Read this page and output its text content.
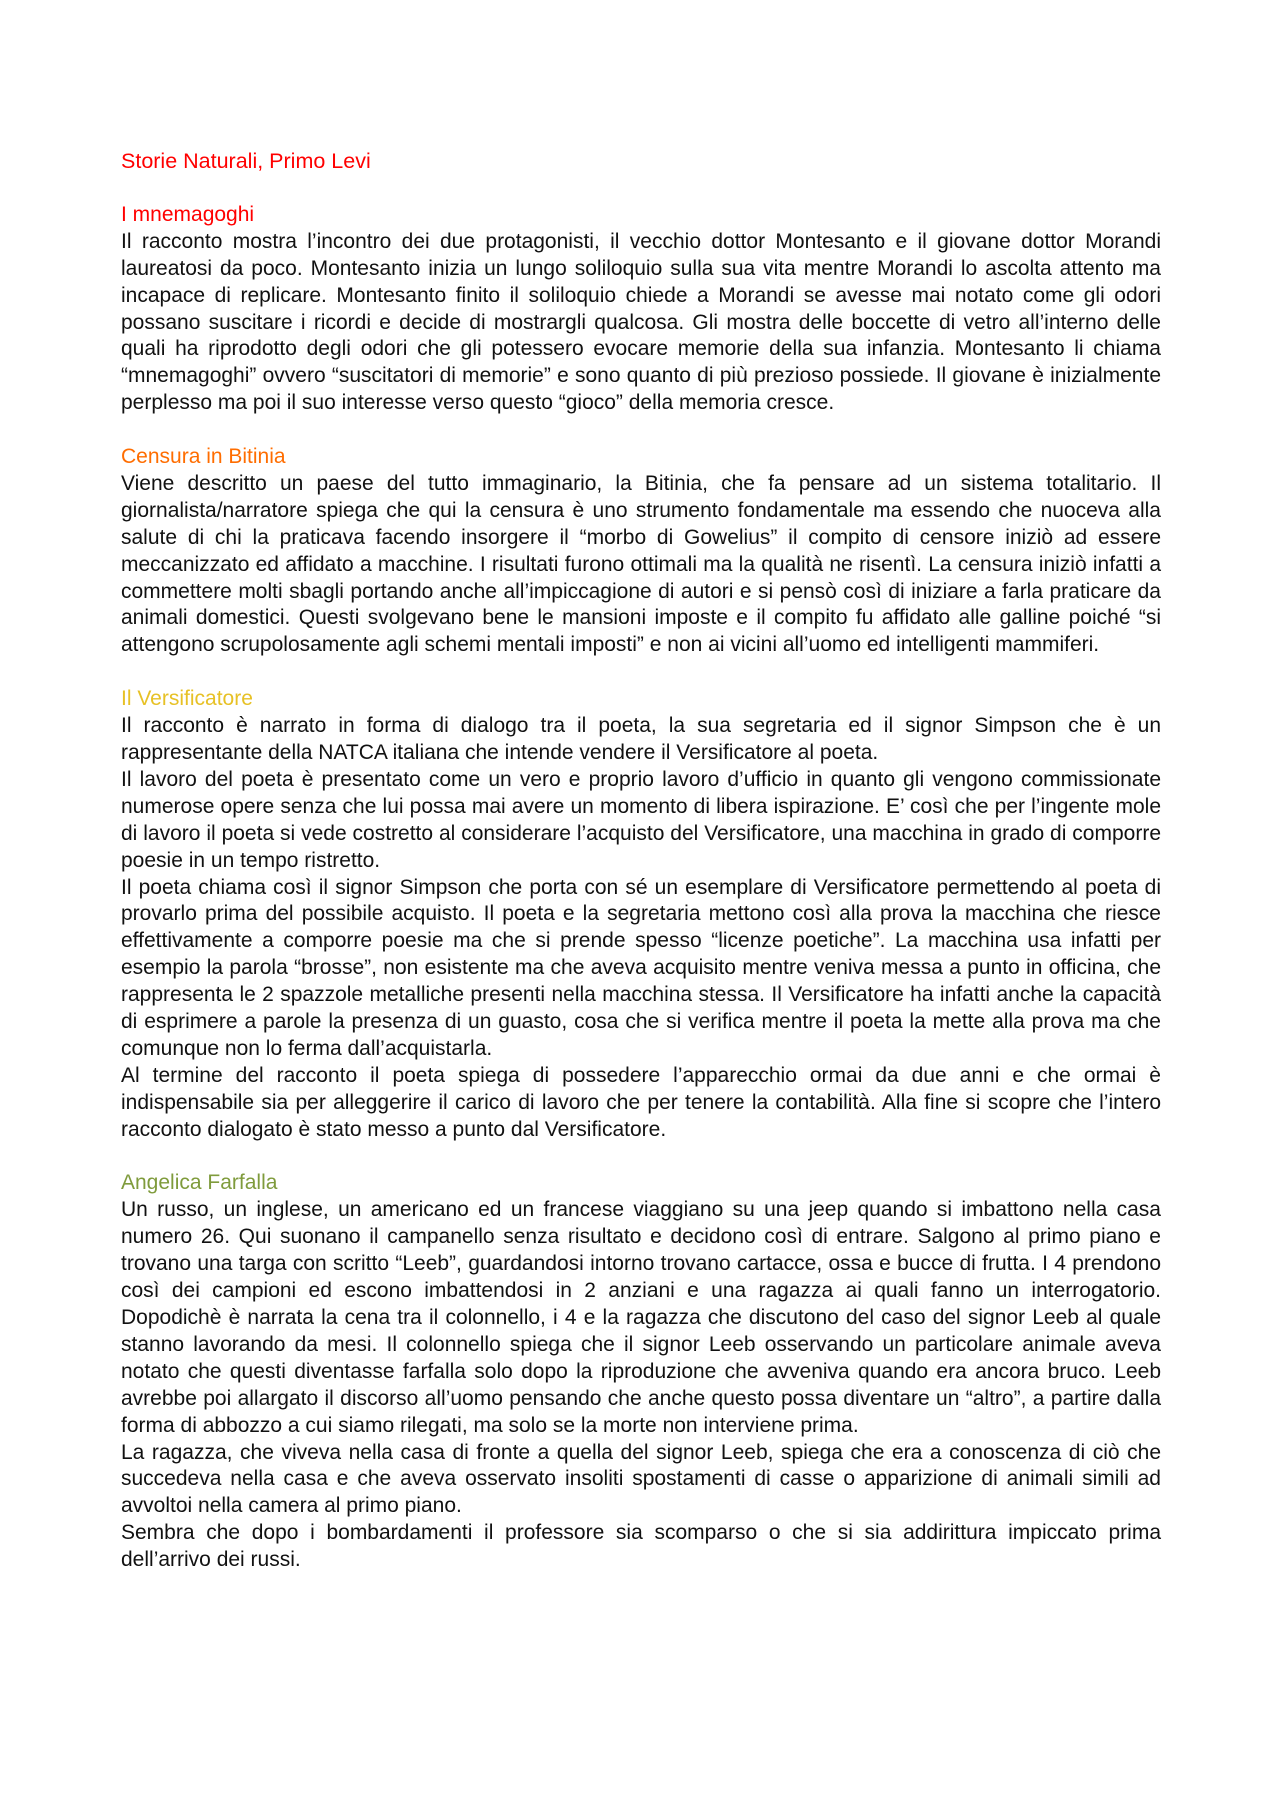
Storie Naturali, Primo Levi
I mnemagoghi

Il racconto mostra l’incontro dei due protagonisti, il vecchio dottor Montesanto e il giovane dottor Morandi laureatosi da poco. Montesanto inizia un lungo soliloquio sulla sua vita mentre Morandi lo ascolta attento ma incapace di replicare. Montesanto finito il soliloquio chiede a Morandi se avesse mai notato come gli odori possano suscitare i ricordi e decide di mostrargli qualcosa. Gli mostra delle boccette di vetro all’interno delle quali ha riprodotto degli odori che gli potessero evocare memorie della sua infanzia. Montesanto li chiama “mnemagoghi” ovvero “suscitatori di memorie” e sono quanto di più prezioso possiede. Il giovane è inizialmente perplesso ma poi il suo interesse verso questo “gioco” della memoria cresce.

Censura in Bitinia

Viene descritto un paese del tutto immaginario, la Bitinia, che fa pensare ad un sistema totalitario. Il giornalista/narratore spiega che qui la censura è uno strumento fondamentale ma essendo che nuoceva alla salute di chi la praticava facendo insorgere il “morbo di Gowelius” il compito di censore iniziò ad essere meccanizzato ed affidato a macchine. I risultati furono ottimali ma la qualità ne risentì. La censura iniziò infatti a commettere molti sbagli portando anche all’impiccagione di autori e si pensò così di iniziare a farla praticare da animali domestici. Questi svolgevano bene le mansioni imposte e il compito fu affidato alle galline poiché “si attengono scrupolosamente agli schemi mentali imposti” e non ai vicini all’uomo ed intelligenti mammiferi.

Il Versificatore

Il racconto è narrato in forma di dialogo tra il poeta, la sua segretaria ed il signor Simpson che è un rappresentante della NATCA italiana che intende vendere il Versificatore al poeta.

Il lavoro del poeta è presentato come un vero e proprio lavoro d’ufficio in quanto gli vengono commissionate numerose opere senza che lui possa mai avere un momento di libera ispirazione. E’ così che per l’ingente mole di lavoro il poeta si vede costretto al considerare l’acquisto del Versificatore, una macchina in grado di comporre poesie in un tempo ristretto.

Il poeta chiama così il signor Simpson che porta con sé un esemplare di Versificatore permettendo al poeta di provarlo prima del possibile acquisto. Il poeta e la segretaria mettono così alla prova la macchina che riesce effettivamente a comporre poesie ma che si prende spesso “licenze poetiche”. La macchina usa infatti per esempio la parola “brosse”, non esistente ma che aveva acquisito mentre veniva messa a punto in officina, che rappresenta le 2 spazzole metalliche presenti nella macchina stessa. Il Versificatore ha infatti anche la capacità di esprimere a parole la presenza di un guasto, cosa che si verifica mentre il poeta la mette alla prova ma che comunque non lo ferma dall’acquistarla.

Al termine del racconto il poeta spiega di possedere l’apparecchio ormai da due anni e che ormai è indispensabile sia per alleggerire il carico di lavoro che per tenere la contabilità. Alla fine si scopre che l’intero racconto dialogato è stato messo a punto dal Versificatore.

Angelica Farfalla

Un russo, un inglese, un americano ed un francese viaggiano su una jeep quando si imbattono nella casa numero 26. Qui suonano il campanello senza risultato e decidono così di entrare. Salgono al primo piano e trovano una targa con scritto “Leeb”, guardandosi intorno trovano cartacce, ossa e bucce di frutta. I 4 prendono così dei campioni ed escono imbattendosi in 2 anziani e una ragazza ai quali fanno un interrogatorio. Dopodichè è narrata la cena tra il colonnello, i 4 e la ragazza che discutono del caso del signor Leeb al quale stanno lavorando da mesi. Il colonnello spiega che il signor Leeb osservando un particolare animale aveva notato che questi diventasse farfalla solo dopo la riproduzione che avveniva quando era ancora bruco. Leeb avrebbe poi allargato il discorso all’uomo pensando che anche questo possa diventare un “altro”, a partire dalla forma di abbozzo a cui siamo rilegati, ma solo se la morte non interviene prima.

La ragazza, che viveva nella casa di fronte a quella del signor Leeb, spiega che era a conoscenza di ciò che succedeva nella casa e che aveva osservato insoliti spostamenti di casse o apparizione di animali simili ad avvoltoi nella camera al primo piano.

Sembra che dopo i bombardamenti il professore sia scomparso o che si sia addirittura impiccato prima dell’arrivo dei russi.
